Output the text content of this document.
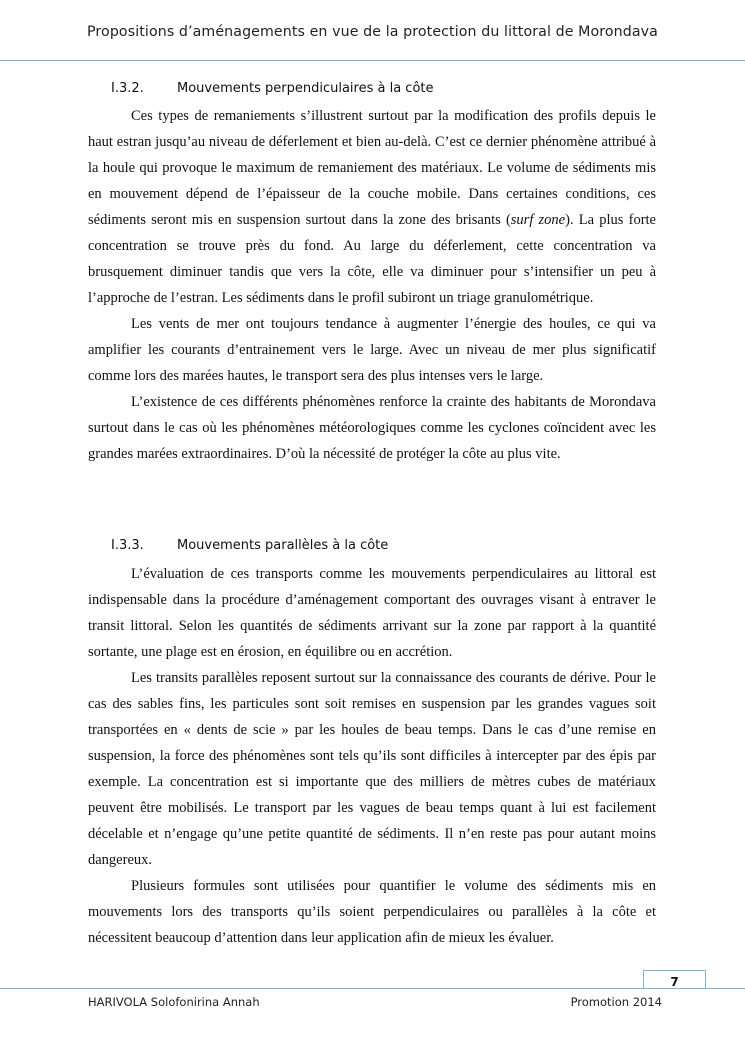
Propositions d’aménagements en vue de la protection du littoral de Morondava
I.3.2.	Mouvements perpendiculaires à la côte

Ces types de remaniements s’illustrent surtout par la modification des profils depuis le haut estran jusqu’au niveau de déferlement et bien au-delà. C’est ce dernier phénomène attribué à la houle qui provoque le maximum de remaniement des matériaux. Le volume de sédiments mis en mouvement dépend de l’épaisseur de la couche mobile. Dans certaines conditions, ces sédiments seront mis en suspension surtout dans la zone des brisants (surf zone). La plus forte concentration se trouve près du fond. Au large du déferlement, cette concentration va brusquement diminuer tandis que vers la côte, elle va diminuer pour s’intensifier un peu à l’approche de l’estran. Les sédiments dans le profil subiront un triage granulométrique.

Les vents de mer ont toujours tendance à augmenter l’énergie des houles, ce qui va amplifier les courants d’entrainement vers le large. Avec un niveau de mer plus significatif comme lors des marées hautes, le transport sera des plus intenses vers le large.

L’existence de ces différents phénomènes renforce la crainte des habitants de Morondava surtout dans le cas où les phénomènes météorologiques comme les cyclones coïncident avec les grandes marées extraordinaires. D’où la nécessité de protéger la côte au plus vite.

I.3.3.	Mouvements parallèles à la côte

L’évaluation de ces transports comme les mouvements perpendiculaires au littoral est indispensable dans la procédure d’aménagement comportant des ouvrages visant à entraver le transit littoral. Selon les quantités de sédiments arrivant sur la zone par rapport à la quantité sortante, une plage est en érosion, en équilibre ou en accrétion.

Les transits parallèles reposent surtout sur la connaissance des courants de dérive. Pour le cas des sables fins, les particules sont soit remises en suspension par les grandes vagues soit transportées en « dents de scie » par les houles de beau temps. Dans le cas d’une remise en suspension, la force des phénomènes sont tels qu’ils sont difficiles à intercepter par des épis par exemple. La concentration est si importante que des milliers de mètres cubes de matériaux peuvent être mobilisés. Le transport par les vagues de beau temps quant à lui est facilement décelable et n’engage qu’une petite quantité de sédiments. Il n’en reste pas pour autant moins dangereux.

Plusieurs formules sont utilisées pour quantifier le volume des sédiments mis en mouvements lors des transports qu’ils soient perpendiculaires ou parallèles à la côte et nécessitent beaucoup d’attention dans leur application afin de mieux les évaluer.

7
HARIVOLA Solofonirina Annah	Promotion 2014
